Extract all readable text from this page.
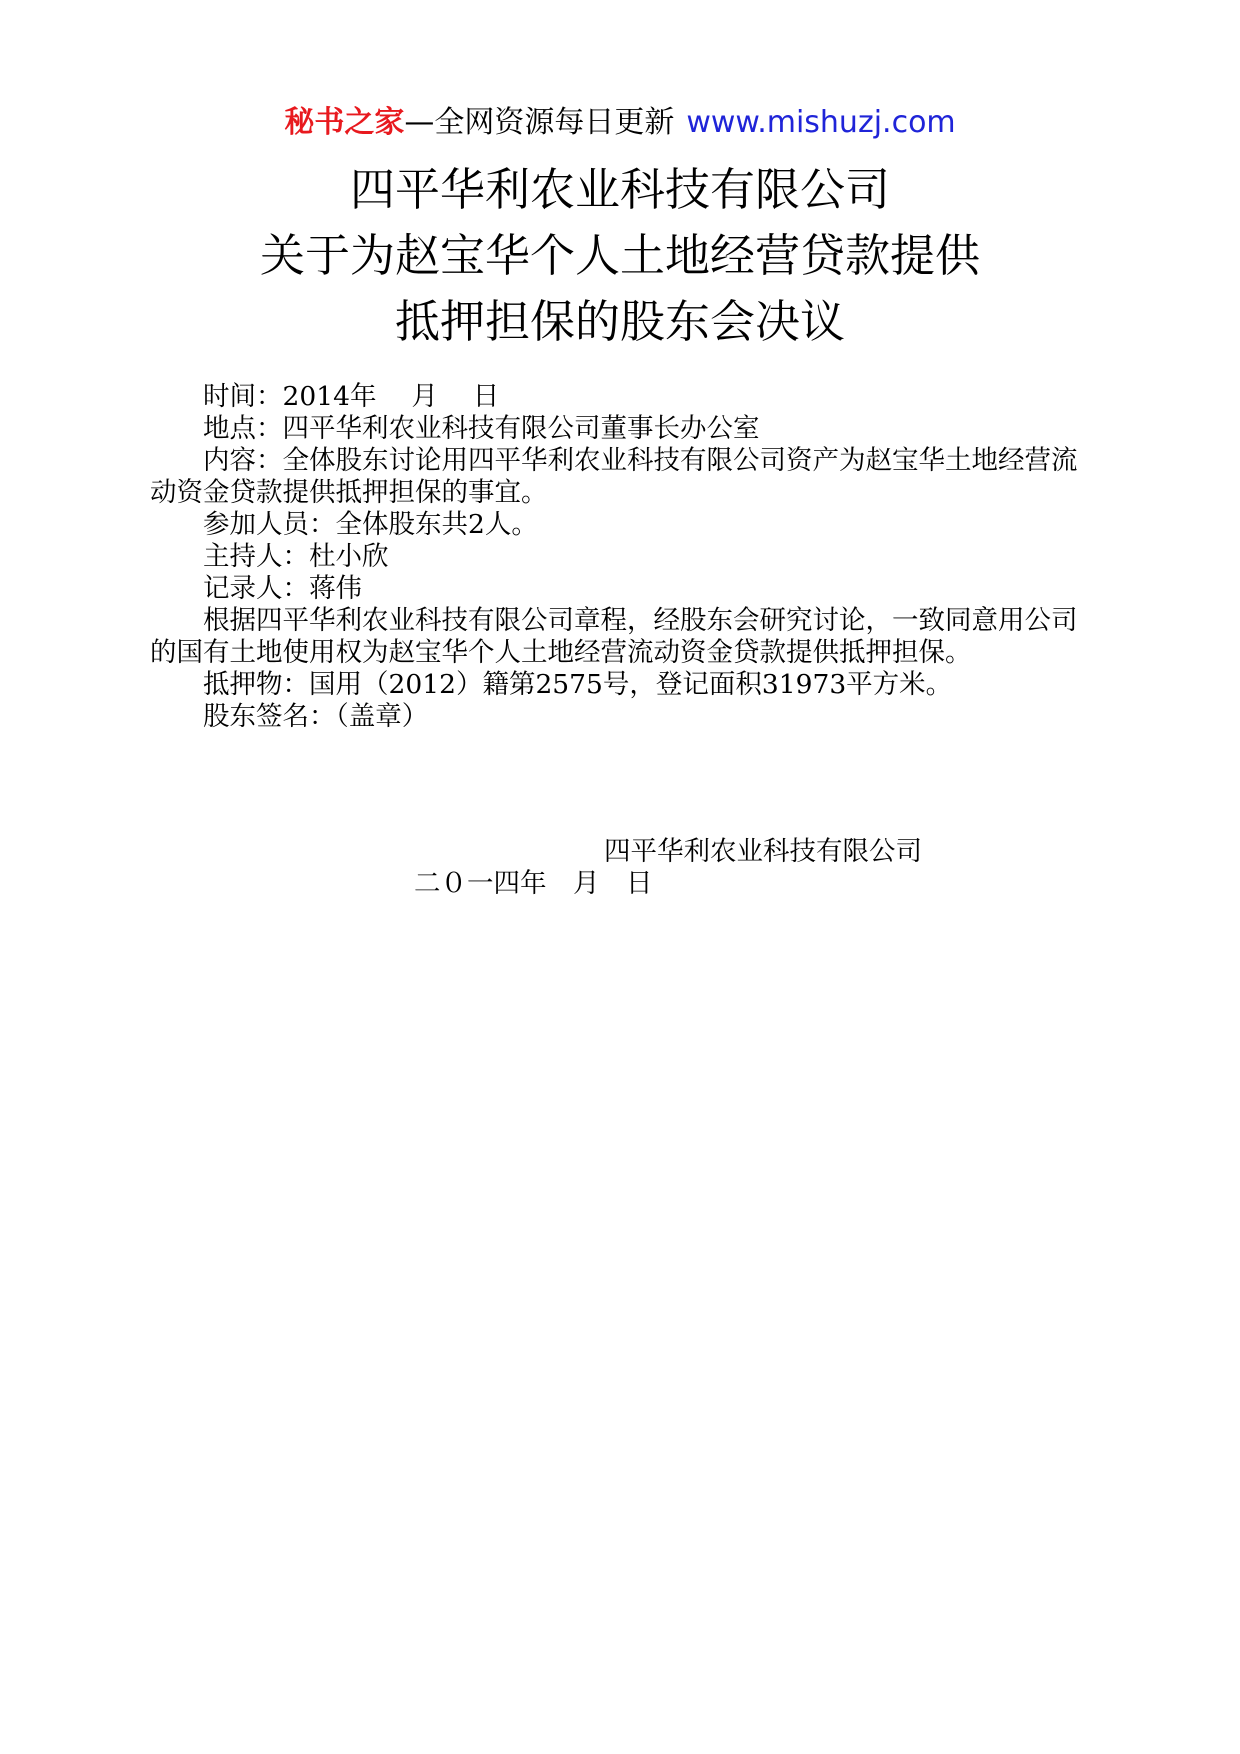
秘书之家—全网资源每日更新 www.mishuzj.com
四平华利农业科技有限公司
关于为赵宝华个人土地经营贷款提供
抵押担保的股东会决议

时间：2014年　 月　 日

地点：四平华利农业科技有限公司董事长办公室

内容：全体股东讨论用四平华利农业科技有限公司资产为赵宝华土地经营流动资金贷款提供抵押担保的事宜。

参加人员：全体股东共2人。

主持人：杜小欣

记录人：蒋伟

根据四平华利农业科技有限公司章程，经股东会研究讨论，一致同意用公司的国有土地使用权为赵宝华个人土地经营流动资金贷款提供抵押担保。

抵押物：国用（2012）籍第2575号，登记面积31973平方米。

股东签名：（盖章）

四平华利农业科技有限公司
二０一四年　月　日
